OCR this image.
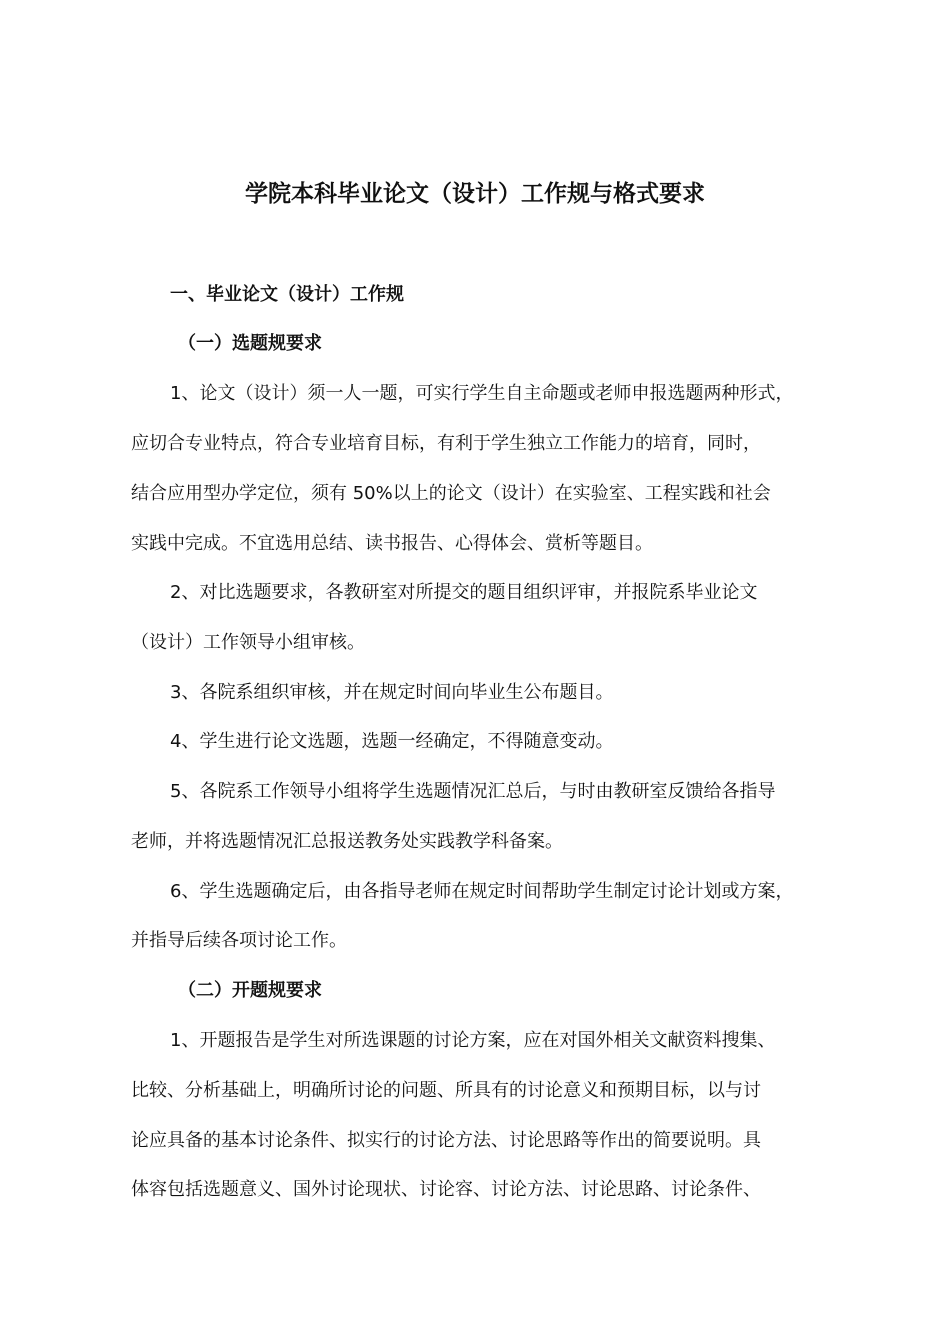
学院本科毕业论文（设计）工作规与格式要求
一、毕业论文（设计）工作规
（一）选题规要求

1、论文（设计）须一人一题，可实行学生自主命题或老师申报选题两种形式，

应切合专业特点，符合专业培育目标，有利于学生独立工作能力的培育，同时，

结合应用型办学定位，须有 50%以上的论文（设计）在实验室、工程实践和社会

实践中完成。不宜选用总结、读书报告、心得体会、赏析等题目。

2、对比选题要求，各教研室对所提交的题目组织评审，并报院系毕业论文

（设计）工作领导小组审核。

3、各院系组织审核，并在规定时间向毕业生公布题目。

4、学生进行论文选题，选题一经确定，不得随意变动。

5、各院系工作领导小组将学生选题情况汇总后，与时由教研室反馈给各指导

老师，并将选题情况汇总报送教务处实践教学科备案。

6、学生选题确定后，由各指导老师在规定时间帮助学生制定讨论计划或方案，

并指导后续各项讨论工作。

（二）开题规要求

1、开题报告是学生对所选课题的讨论方案，应在对国外相关文献资料搜集、

比较、分析基础上，明确所讨论的问题、所具有的讨论意义和预期目标，以与讨

论应具备的基本讨论条件、拟实行的讨论方法、讨论思路等作出的简要说明。具

体容包括选题意义、国外讨论现状、讨论容、讨论方法、讨论思路、讨论条件、
